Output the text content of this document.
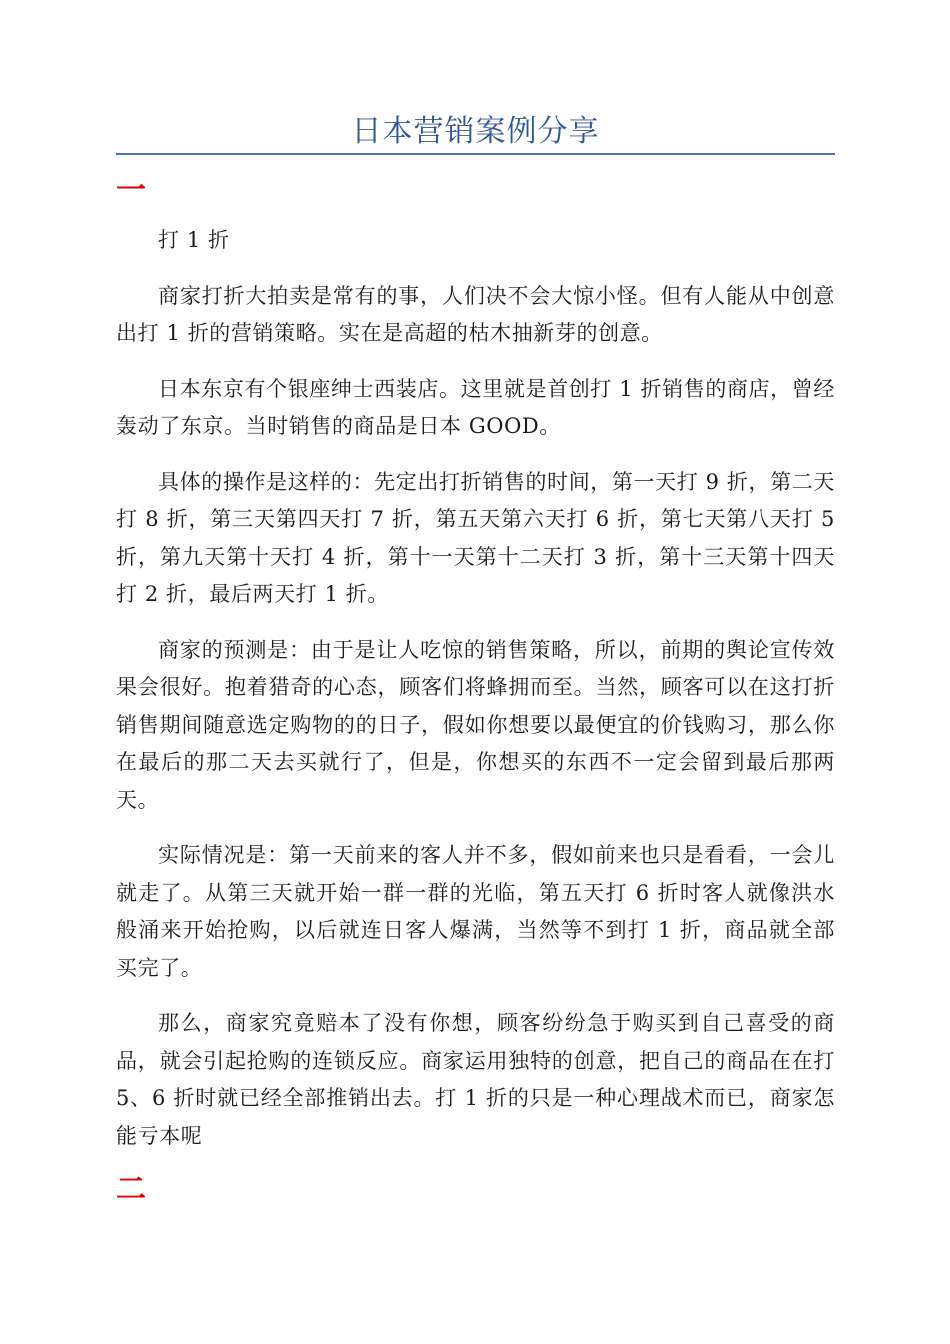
日本营销案例分享
一

打 1 折

商家打折大拍卖是常有的事，人们决不会大惊小怪。但有人能从中创意出打 1 折的营销策略。实在是高超的枯木抽新芽的创意。

日本东京有个银座绅士西装店。这里就是首创打 1 折销售的商店，曾经轰动了东京。当时销售的商品是日本 GOOD。

具体的操作是这样的：先定出打折销售的时间，第一天打 9 折，第二天打 8 折，第三天第四天打 7 折，第五天第六天打 6 折，第七天第八天打 5 折，第九天第十天打 4 折，第十一天第十二天打 3 折，第十三天第十四天打 2 折，最后两天打 1 折。

商家的预测是：由于是让人吃惊的销售策略，所以，前期的舆论宣传效果会很好。抱着猎奇的心态，顾客们将蜂拥而至。当然，顾客可以在这打折销售期间随意选定购物的的日子，假如你想要以最便宜的价钱购习，那么你在最后的那二天去买就行了，但是，你想买的东西不一定会留到最后那两天。

实际情况是：第一天前来的客人并不多，假如前来也只是看看，一会儿就走了。从第三天就开始一群一群的光临，第五天打 6 折时客人就像洪水般涌来开始抢购，以后就连日客人爆满，当然等不到打 1 折，商品就全部买完了。

那么，商家究竟赔本了没有你想，顾客纷纷急于购买到自己喜受的商品，就会引起抢购的连锁反应。商家运用独特的创意，把自己的商品在在打 5、6 折时就已经全部推销出去。打 1 折的只是一种心理战术而已，商家怎能亏本呢

二
